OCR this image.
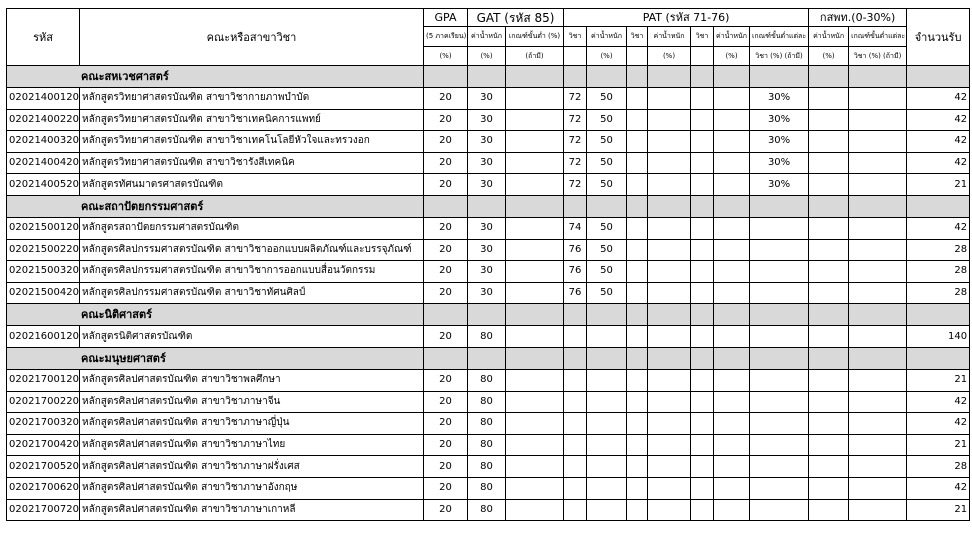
รหัส	คณะหรือสาขาวิชา	GPA	GAT (รหัส 85)		PAT (รหัส 71-76)							กสพท.(0-30%)		จำนวนรับ
		(5 ภาคเรียน)	ค่าน้ำหนัก	เกณฑ์ขั้นต่ำ (%)	วิชา	ค่าน้ำหนัก	วิชา	ค่าน้ำหนัก	วิชา	ค่าน้ำหนัก	เกณฑ์ขั้นต่ำแต่ละ	ค่าน้ำหนัก	เกณฑ์ขั้นต่ำแต่ละ	
		(%)	(%)	(ถ้ามี)		(%)		(%)		(%)	วิชา (%) (ถ้ามี)	(%)	วิชา (%) (ถ้ามี)	
คณะสหเวชศาสตร์														
02021400120	หลักสูตรวิทยาศาสตรบัณฑิต สาขาวิชากายภาพบำบัด	20	30		72	50					30%			42
02021400220	หลักสูตรวิทยาศาสตรบัณฑิต สาขาวิชาเทคนิคการแพทย์	20	30		72	50					30%			42
02021400320	หลักสูตรวิทยาศาสตรบัณฑิต สาขาวิชาเทคโนโลยีหัวใจและทรวงอก	20	30		72	50					30%			42
02021400420	หลักสูตรวิทยาศาสตรบัณฑิต สาขาวิชารังสีเทคนิค	20	30		72	50					30%			42
02021400520	หลักสูตรทัศนมาตรศาสตรบัณฑิต	20	30		72	50					30%			21
คณะสถาปัตยกรรมศาสตร์														
02021500120	หลักสูตรสถาปัตยกรรมศาสตรบัณฑิต	20	30		74	50								42
02021500220	หลักสูตรศิลปกรรมศาสตรบัณฑิต สาขาวิชาออกแบบผลิตภัณฑ์และบรรจุภัณฑ์	20	30		76	50								28
02021500320	หลักสูตรศิลปกรรมศาสตรบัณฑิต สาขาวิชาการออกแบบสื่อนวัตกรรม	20	30		76	50								28
02021500420	หลักสูตรศิลปกรรมศาสตรบัณฑิต สาขาวิชาทัศนศิลป์	20	30		76	50								28
คณะนิติศาสตร์														
02021600120	หลักสูตรนิติศาสตรบัณฑิต	20	80											140
คณะมนุษยศาสตร์														
02021700120	หลักสูตรศิลปศาสตรบัณฑิต สาขาวิชาพลศึกษา	20	80											21
02021700220	หลักสูตรศิลปศาสตรบัณฑิต สาขาวิชาภาษาจีน	20	80											42
02021700320	หลักสูตรศิลปศาสตรบัณฑิต สาขาวิชาภาษาญี่ปุ่น	20	80											42
02021700420	หลักสูตรศิลปศาสตรบัณฑิต สาขาวิชาภาษาไทย	20	80											21
02021700520	หลักสูตรศิลปศาสตรบัณฑิต สาขาวิชาภาษาฝรั่งเศส	20	80											28
02021700620	หลักสูตรศิลปศาสตรบัณฑิต สาขาวิชาภาษาอังกฤษ	20	80											42
02021700720	หลักสูตรศิลปศาสตรบัณฑิต สาขาวิชาภาษาเกาหลี	20	80											21
